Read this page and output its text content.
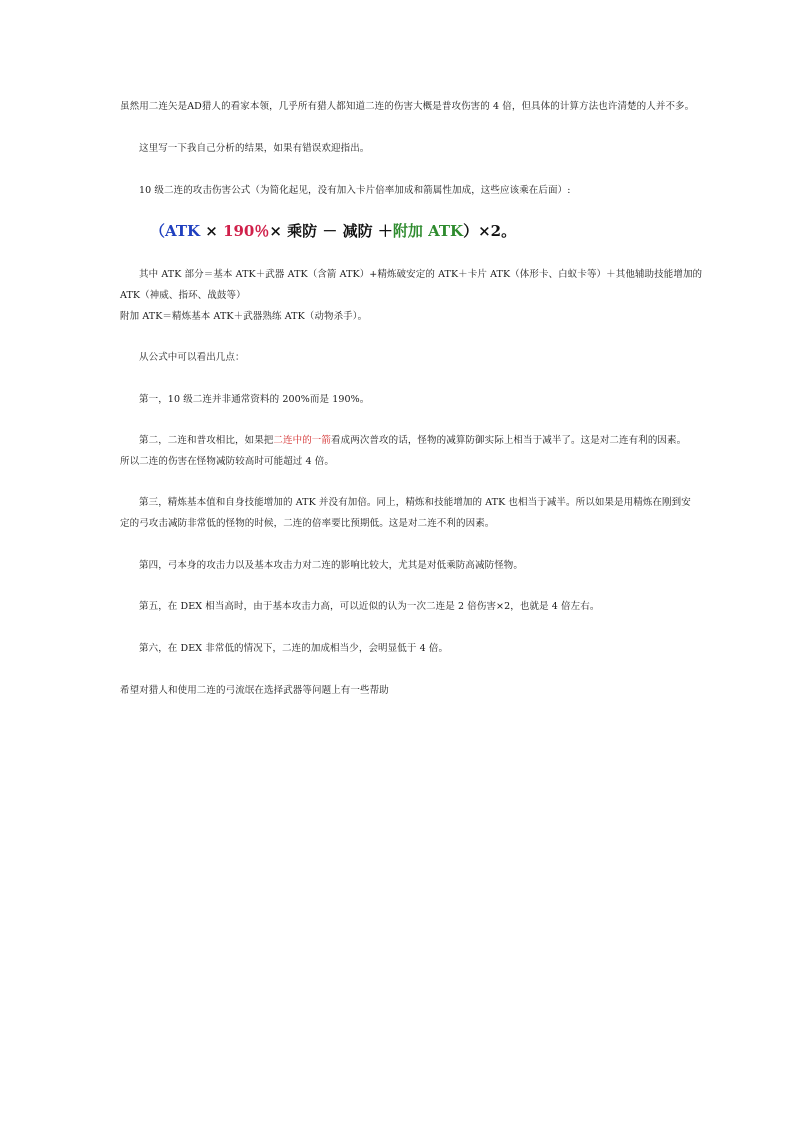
虽然用二连矢是AD猎人的看家本领，几乎所有猎人都知道二连的伤害大概是普攻伤害的 4 倍，但具体的计算方法也许清楚的人并不多。
这里写一下我自己分析的结果，如果有错误欢迎指出。
10 级二连的攻击伤害公式（为简化起见，没有加入卡片倍率加成和箭属性加成，这些应该乘在后面）:
（ATK × 190％× 乘防 － 减防 ＋附加 ATK）×2。
其中 ATK 部分＝基本 ATK＋武器 ATK（含箭 ATK）+精炼破安定的 ATK＋卡片 ATK（体形卡、白蚁卡等）＋其他辅助技能增加的
ATK（神威、指环、战鼓等）
附加 ATK＝精炼基本 ATK＋武器熟练 ATK（动物杀手）。
从公式中可以看出几点：
第一，10 级二连并非通常资料的 200%而是 190%。
第二，二连和普攻相比，如果把二连中的一箭看成两次普攻的话，怪物的减算防御实际上相当于减半了。这是对二连有利的因素。
所以二连的伤害在怪物减防较高时可能超过 4 倍。
第三，精炼基本值和自身技能增加的 ATK 并没有加倍。同上，精炼和技能增加的 ATK 也相当于减半。所以如果是用精炼在刚到安
定的弓攻击减防非常低的怪物的时候，二连的倍率要比预期低。这是对二连不利的因素。
第四，弓本身的攻击力以及基本攻击力对二连的影响比较大，尤其是对低乘防高减防怪物。
第五，在 DEX 相当高时，由于基本攻击力高，可以近似的认为一次二连是 2 倍伤害×2，也就是 4 倍左右。
第六，在 DEX 非常低的情况下，二连的加成相当少，会明显低于 4 倍。
希望对猎人和使用二连的弓流氓在选择武器等问题上有一些帮助
